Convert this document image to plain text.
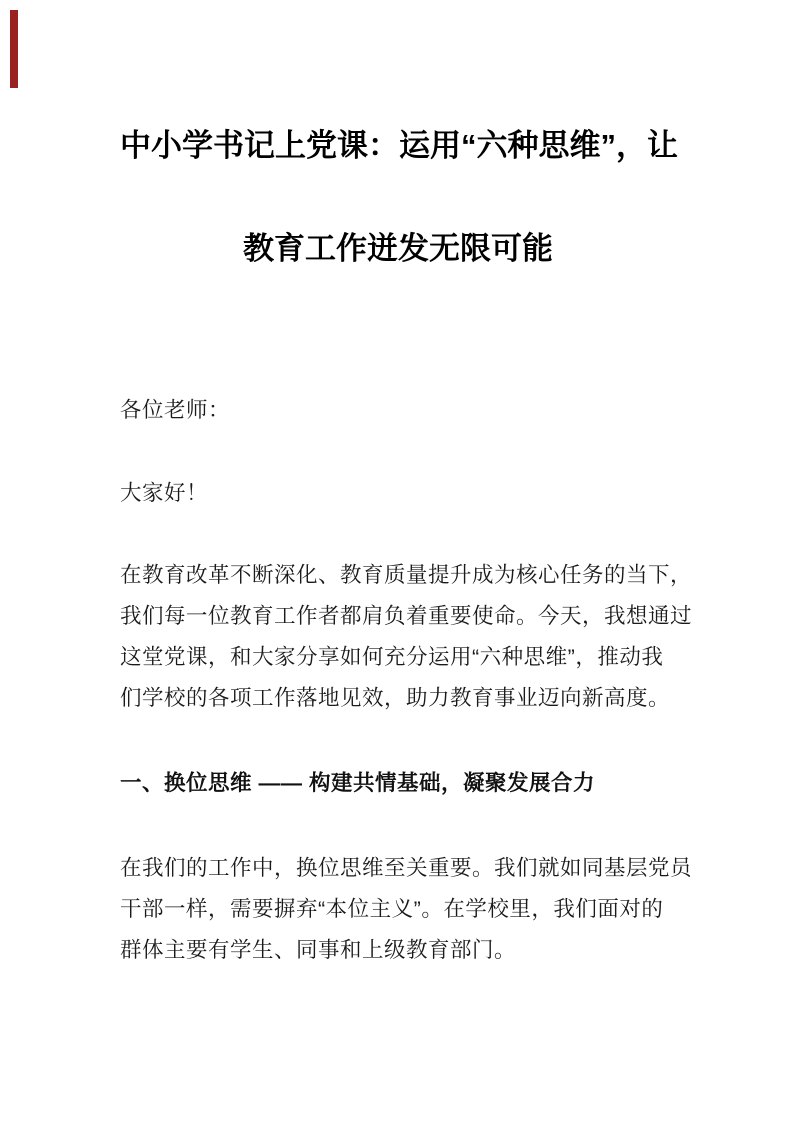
中小学书记上党课：运用“六种思维”，让
教育工作迸发无限可能
各位老师：
大家好！
在教育改革不断深化、教育质量提升成为核心任务的当下，
我们每一位教育工作者都肩负着重要使命。今天，我想通过
这堂党课，和大家分享如何充分运用“六种思维”，推动我
们学校的各项工作落地见效，助力教育事业迈向新高度。
一、换位思维 —— 构建共情基础，凝聚发展合力
在我们的工作中，换位思维至关重要。我们就如同基层党员
干部一样，需要摒弃“本位主义”。在学校里，我们面对的
群体主要有学生、同事和上级教育部门。
